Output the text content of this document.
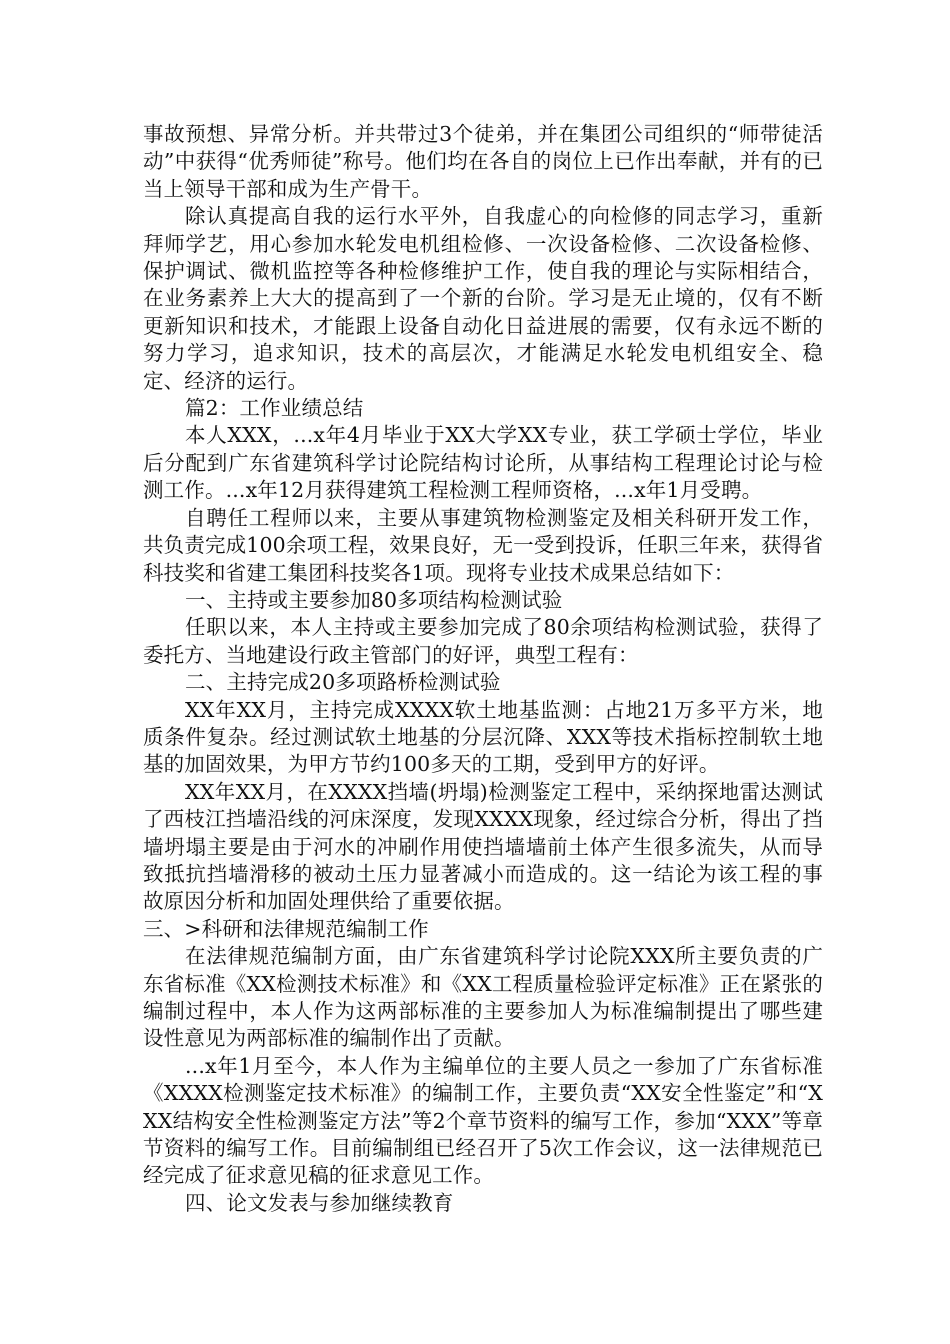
事故预想、异常分析。并共带过3个徒弟，并在集团公司组织的“师带徒活动”中获得“优秀师徒”称号。他们均在各自的岗位上已作出奉献，并有的已当上领导干部和成为生产骨干。

除认真提高自我的运行水平外，自我虚心的向检修的同志学习，重新拜师学艺，用心参加水轮发电机组检修、一次设备检修、二次设备检修、保护调试、微机监控等各种检修维护工作，使自我的理论与实际相结合，在业务素养上大大的提高到了一个新的台阶。学习是无止境的，仅有不断更新知识和技术，才能跟上设备自动化日益进展的需要，仅有永远不断的努力学习，追求知识，技术的高层次，才能满足水轮发电机组安全、稳定、经济的运行。

篇2：工作业绩总结

本人XXX，...x年4月毕业于XX大学XX专业，获工学硕士学位，毕业后分配到广东省建筑科学讨论院结构讨论所，从事结构工程理论讨论与检测工作。...x年12月获得建筑工程检测工程师资格，...x年1月受聘。

自聘任工程师以来，主要从事建筑物检测鉴定及相关科研开发工作，共负责完成100余项工程，效果良好，无一受到投诉，任职三年来，获得省科技奖和省建工集团科技奖各1项。现将专业技术成果总结如下：

一、主持或主要参加80多项结构检测试验

任职以来，本人主持或主要参加完成了80余项结构检测试验，获得了委托方、当地建设行政主管部门的好评，典型工程有：

二、主持完成20多项路桥检测试验

XX年XX月，主持完成XXXX软土地基监测：占地21万多平方米，地质条件复杂。经过测试软土地基的分层沉降、XXX等技术指标控制软土地基的加固效果，为甲方节约100多天的工期，受到甲方的好评。

XX年XX月，在XXXX挡墙(坍塌)检测鉴定工程中，采纳探地雷达测试了西枝江挡墙沿线的河床深度，发现XXXX现象，经过综合分析，得出了挡墙坍塌主要是由于河水的冲刷作用使挡墙墙前土体产生很多流失，从而导致抵抗挡墙滑移的被动土压力显著减小而造成的。这一结论为该工程的事故原因分析和加固处理供给了重要依据。

三、>科研和法律规范编制工作

在法律规范编制方面，由广东省建筑科学讨论院XXX所主要负责的广东省标准《XX检测技术标准》和《XX工程质量检验评定标准》正在紧张的编制过程中，本人作为这两部标准的主要参加人为标准编制提出了哪些建设性意见为两部标准的编制作出了贡献。

...x年1月至今，本人作为主编单位的主要人员之一参加了广东省标准《XXXX检测鉴定技术标准》的编制工作，主要负责“XX安全性鉴定”和“XXX结构安全性检测鉴定方法”等2个章节资料的编写工作，参加“XXX”等章节资料的编写工作。目前编制组已经召开了5次工作会议，这一法律规范已经完成了征求意见稿的征求意见工作。

四、论文发表与参加继续教育
